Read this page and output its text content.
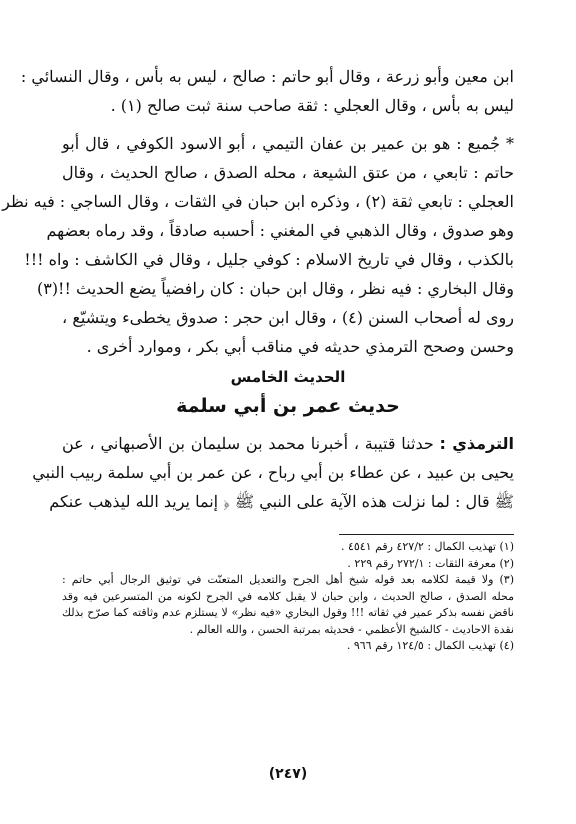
ابن معين وأبو زرعة ، وقال أبو حاتم : صالح ، ليس به بأس ، وقال النسائي :
ليس به بأس ، وقال العجلي : ثقة صاحب سنة ثبت صالح (١) .
* جُميع : هو بن عمير بن عفان التيمي ، أبو الاسود الكوفي ، قال أبو
حاتم : تابعي ، من عتق الشيعة ، محله الصدق ، صالح الحديث ، وقال
العجلي : تابعي ثقة (٢) ، وذكره ابن حبان في الثقات ، وقال الساجي : فيه نظر
وهو صدوق ، وقال الذهبي في المغني : أحسبه صادقاً ، وقد رماه بعضهم
بالكذب ، وقال في تاريخ الاسلام : كوفي جليل ، وقال في الكاشف : واه !!!
وقال البخاري : فيه نظر ، وقال ابن حبان : كان رافضياً يضع الحديث !!(٣)
روى له أصحاب السنن (٤) ، وقال ابن حجر : صدوق يخطىء ويتشيّع ،
وحسن وصحح الترمذي حديثه في مناقب أبي بكر ، وموارد أخرى .
الحديث الخامس
حديث عمر بن أبي سلمة
الترمذي : حدثنا قتيبة ، أخبرنا محمد بن سليمان بن الأصبهاني ، عن
يحيى بن عبيد ، عن عطاء بن أبي رباح ، عن عمر بن أبي سلمة ربيب النبي
ﷺ قال : لما نزلت هذه الآية على النبي ﷺ ﴿ إنما يريد الله ليذهب عنكم
(١) تهذيب الكمال : ٤٢٧/٢ رقم ٤٥٤١ .
(٢) معرفة الثقات : ٢٧٢/١ رقم ٢٢٩ .
(٣) ولا قيمة لكلامه بعد قوله شيخ أهل الجرح والتعديل المتعنّت في توثيق الرجال أبي حاتم :
محله الصدق ، صالح الحديث ، وابن حبان لا يقبل كلامه في الجرح لكونه من المتسرعين فيه وقد
ناقض نفسه بذكر عمير في ثقاته !!! وقول البخاري «فيه نظر» لا يستلزم عدم وثاقته كما صرّح بذلك
نقدة الاحاديث - كالشيخ الأعظمي - فحديثه بمرتبة الحسن ، والله العالم .
(٤) تهذيب الكمال : ١٢٤/٥ رقم ٩٦٦ .
(٢٤٧)
